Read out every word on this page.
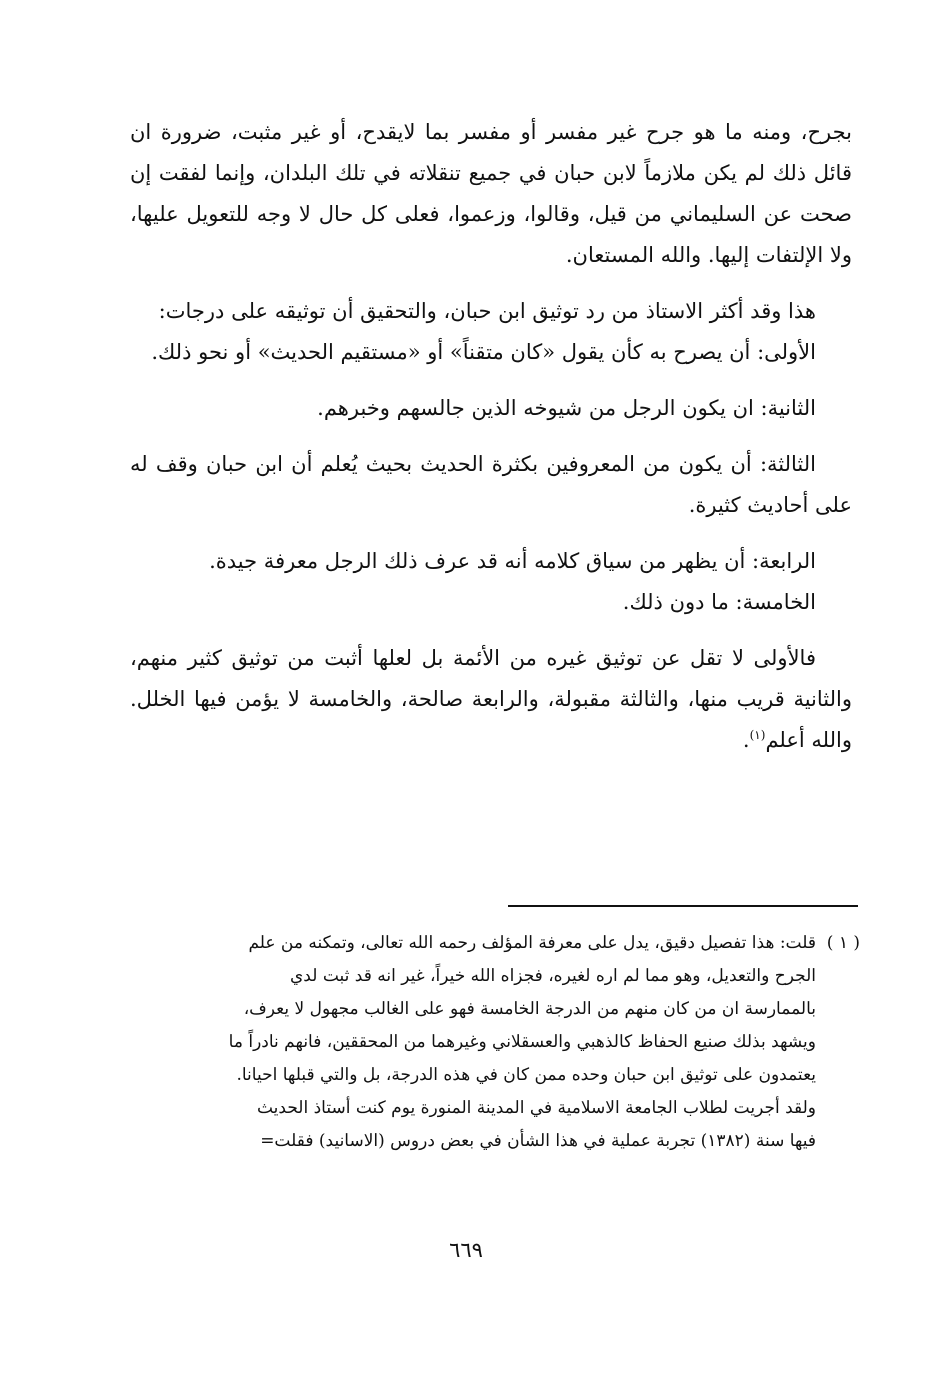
بجرح، ومنه ما هو جرح غير مفسر أو مفسر بما لايقدح، أو غير مثبت، ضرورة ان قائل ذلك لم يكن ملازماً لابن حبان في جميع تنقلاته في تلك البلدان، وإنما لفقت إن صحت عن السليماني من قيل، وقالوا، وزعموا، فعلى كل حال لا وجه للتعويل عليها، ولا الإلتفات إليها. والله المستعان.

هذا وقد أكثر الاستاذ من رد توثيق ابن حبان، والتحقيق أن توثيقه على درجات:

الأولى: أن يصرح به كأن يقول «كان متقناً» أو «مستقيم الحديث» أو نحو ذلك.

الثانية: ان يكون الرجل من شيوخه الذين جالسهم وخبرهم.

الثالثة: أن يكون من المعروفين بكثرة الحديث بحيث يُعلم أن ابن حبان وقف له على أحاديث كثيرة.

الرابعة: أن يظهر من سياق كلامه أنه قد عرف ذلك الرجل معرفة جيدة.

الخامسة: ما دون ذلك.

فالأولى لا تقل عن توثيق غيره من الأئمة بل لعلها أثبت من توثيق كثير منهم، والثانية قريب منها، والثالثة مقبولة، والرابعة صالحة، والخامسة لا يؤمن فيها الخلل. والله أعلم$^{(١)}$.

( ١ )

قلت: هذا تفصيل دقيق، يدل على معرفة المؤلف رحمه الله تعالى، وتمكنه من علم

الجرح والتعديل، وهو مما لم اره لغيره، فجزاه الله خيراً، غير انه قد ثبت لدي

بالممارسة ان من كان منهم من الدرجة الخامسة فهو على الغالب مجهول لا يعرف،

ويشهد بذلك صنيع الحفاظ كالذهبي والعسقلاني وغيرهما من المحققين، فانهم نادراً ما

يعتمدون على توثيق ابن حبان وحده ممن كان في هذه الدرجة، بل والتي قبلها احيانا.

ولقد أجريت لطلاب الجامعة الاسلامية في المدينة المنورة يوم كنت أستاذ الحديث

فيها سنة (١٣٨٢) تجربة عملية في هذا الشأن في بعض دروس (الاسانيد) فقلت=

٦٦٩
